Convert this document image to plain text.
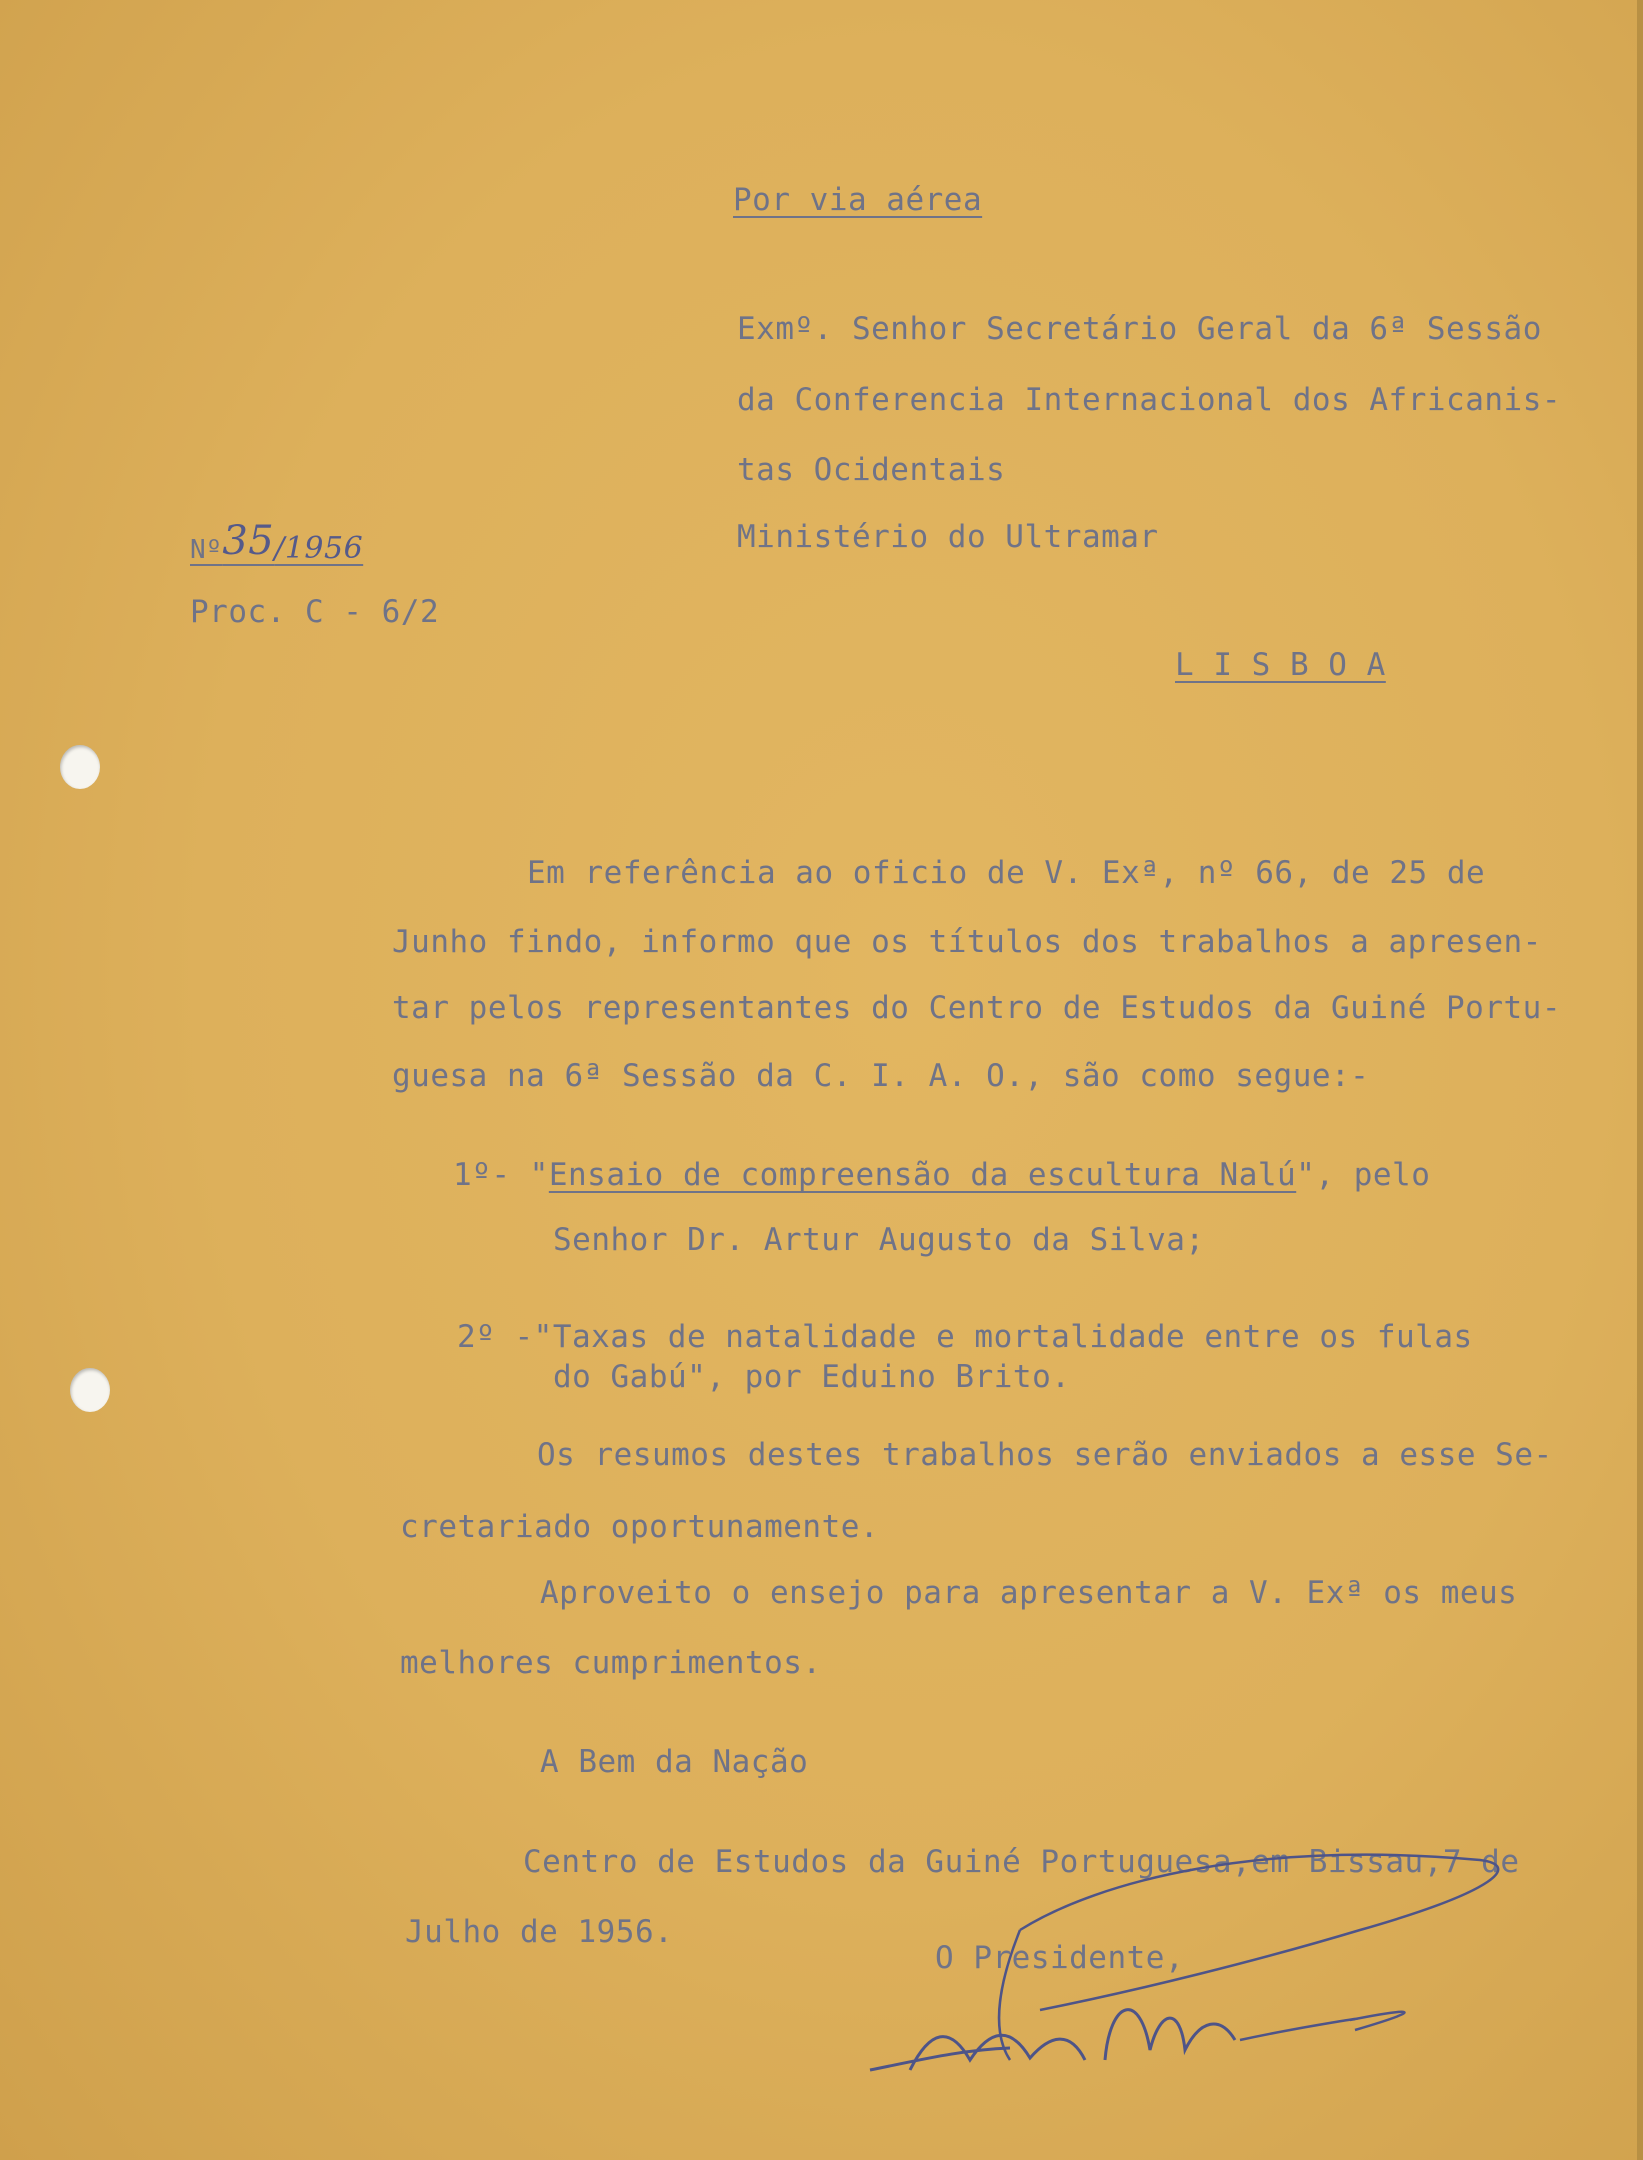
Por via aérea
Exmº. Senhor Secretário Geral da 6ª Sessão
da Conferencia Internacional dos Africanis-
tas Ocidentais
Ministério do Ultramar
L I S B O A
Nº35/1956
Proc. C - 6/2
Em referência ao oficio de V. Exª, nº 66, de 25 de
Junho findo, informo que os títulos dos trabalhos a apresen-
tar pelos representantes do Centro de Estudos da Guiné Portu-
guesa na 6ª Sessão da C. I. A. O., são como segue:-
1º- "Ensaio de compreensão da escultura Nalú", pelo
Senhor Dr. Artur Augusto da Silva;
2º -"Taxas de natalidade e mortalidade entre os fulas
do Gabú", por Eduino Brito.
Os resumos destes trabalhos serão enviados a esse Se-
cretariado oportunamente.
Aproveito o ensejo para apresentar a V. Exª os meus
melhores cumprimentos.
A Bem da Nação
Centro de Estudos da Guiné Portuguesa,em Bissau,7 de
Julho de 1956.
O Presidente,
